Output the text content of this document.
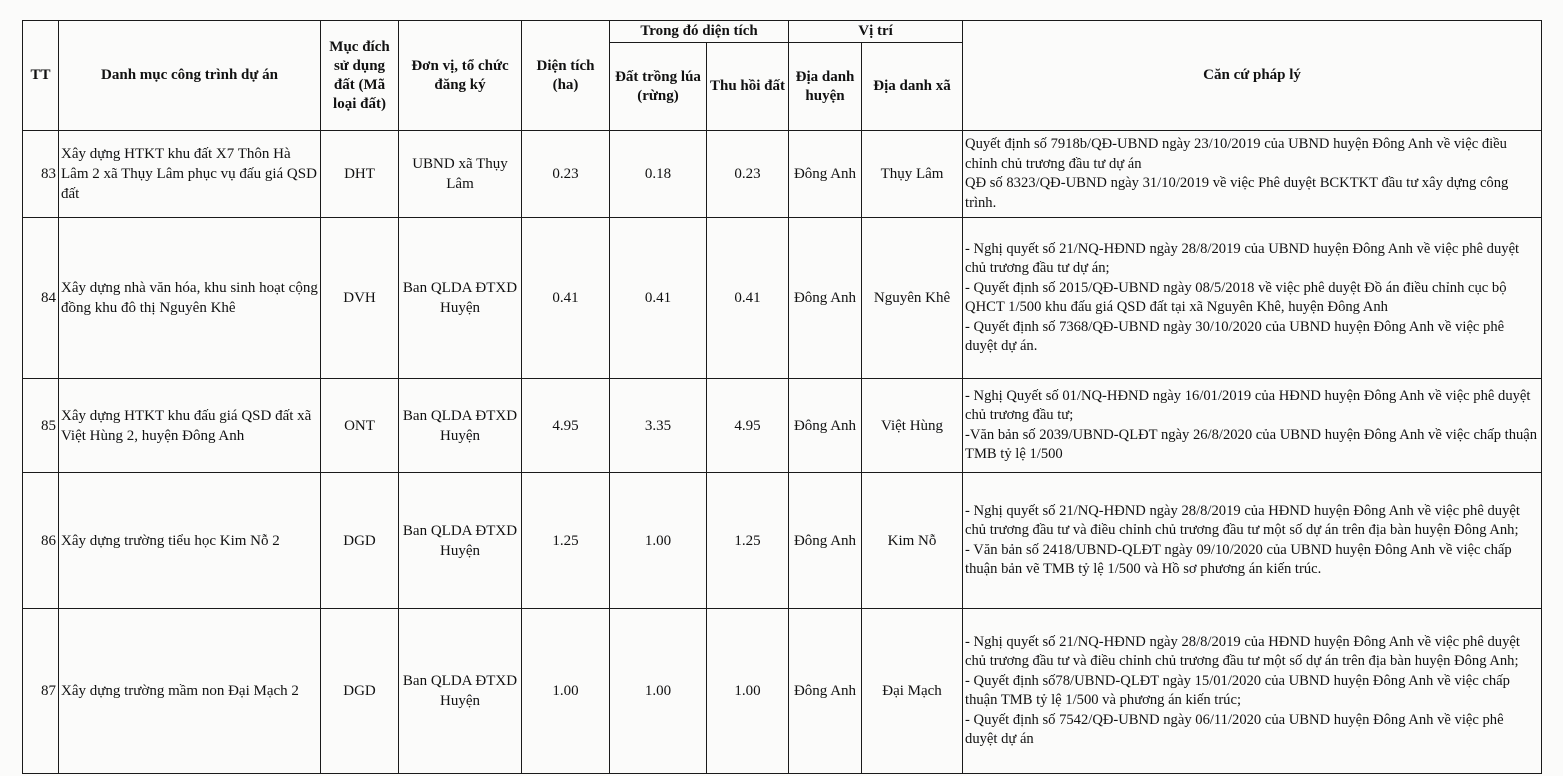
TT	Danh mục công trình dự án	Mục đích sử dụng đất (Mã loại đất)	Đơn vị, tổ chức đăng ký	Diện tích (ha)	Trong đó diện tích		Vị trí		Căn cứ pháp lý
					Đất trồng lúa (rừng)	Thu hồi đất	Địa danh huyện	Địa danh xã	
83	Xây dựng HTKT khu đất X7 Thôn Hà Lâm 2 xã Thụy Lâm phục vụ đấu giá QSD đất	DHT	UBND xã Thụy Lâm	0.23	0.18	0.23	Đông Anh	Thụy Lâm	Quyết định số 7918b/QĐ-UBND ngày 23/10/2019 của UBND huyện Đông Anh về việc điều chỉnh chủ trương đầu tư dự án
QĐ số 8323/QĐ-UBND ngày 31/10/2019 về việc Phê duyệt BCKTKT đầu tư xây dựng công trình.

84	Xây dựng nhà văn hóa, khu sinh hoạt cộng đồng khu đô thị Nguyên Khê	DVH	Ban QLDA ĐTXD Huyện	0.41	0.41	0.41	Đông Anh	Nguyên Khê	- Nghị quyết số 21/NQ-HĐND ngày 28/8/2019 của UBND huyện Đông Anh về việc phê duyệt chủ trương đầu tư dự án;
- Quyết định số 2015/QĐ-UBND ngày 08/5/2018 về việc phê duyệt Đồ án điều chỉnh cục bộ QHCT 1/500 khu đấu giá QSD đất tại xã Nguyên Khê, huyện Đông Anh
- Quyết định số 7368/QĐ-UBND ngày 30/10/2020 của UBND huyện Đông Anh về việc phê duyệt dự án.

85	Xây dựng HTKT khu đấu giá QSD đất xã Việt Hùng 2, huyện Đông Anh	ONT	Ban QLDA ĐTXD Huyện	4.95	3.35	4.95	Đông Anh	Việt Hùng	- Nghị Quyết số 01/NQ-HĐND ngày 16/01/2019 của HĐND huyện Đông Anh về việc phê duyệt chủ trương đầu tư;
-Văn bản số 2039/UBND-QLĐT ngày 26/8/2020 của UBND huyện Đông Anh về việc chấp thuận TMB tỷ lệ 1/500

86	Xây dựng trường tiểu học Kim Nỗ 2	DGD	Ban QLDA ĐTXD Huyện	1.25	1.00	1.25	Đông Anh	Kim Nỗ	- Nghị quyết số 21/NQ-HĐND ngày 28/8/2019 của HĐND huyện Đông Anh về việc phê duyệt chủ trương đầu tư và điều chỉnh chủ trương đầu tư một số dự án trên địa bàn huyện Đông Anh;
- Văn bản số 2418/UBND-QLĐT ngày 09/10/2020 của UBND huyện Đông Anh về việc chấp thuận bản vẽ TMB tỷ lệ 1/500 và Hồ sơ phương án kiến trúc.

87	Xây dựng trường mầm non Đại Mạch 2	DGD	Ban QLDA ĐTXD Huyện	1.00	1.00	1.00	Đông Anh	Đại Mạch	- Nghị quyết số 21/NQ-HĐND ngày 28/8/2019 của HĐND huyện Đông Anh về việc phê duyệt chủ trương đầu tư và điều chỉnh chủ trương đầu tư một số dự án trên địa bàn huyện Đông Anh;
- Quyết định số78/UBND-QLĐT ngày 15/01/2020 của UBND huyện Đông Anh về việc chấp thuận TMB tỷ lệ 1/500 và phương án kiến trúc;
- Quyết định số 7542/QĐ-UBND ngày 06/11/2020 của UBND huyện Đông Anh về việc phê duyệt dự án
